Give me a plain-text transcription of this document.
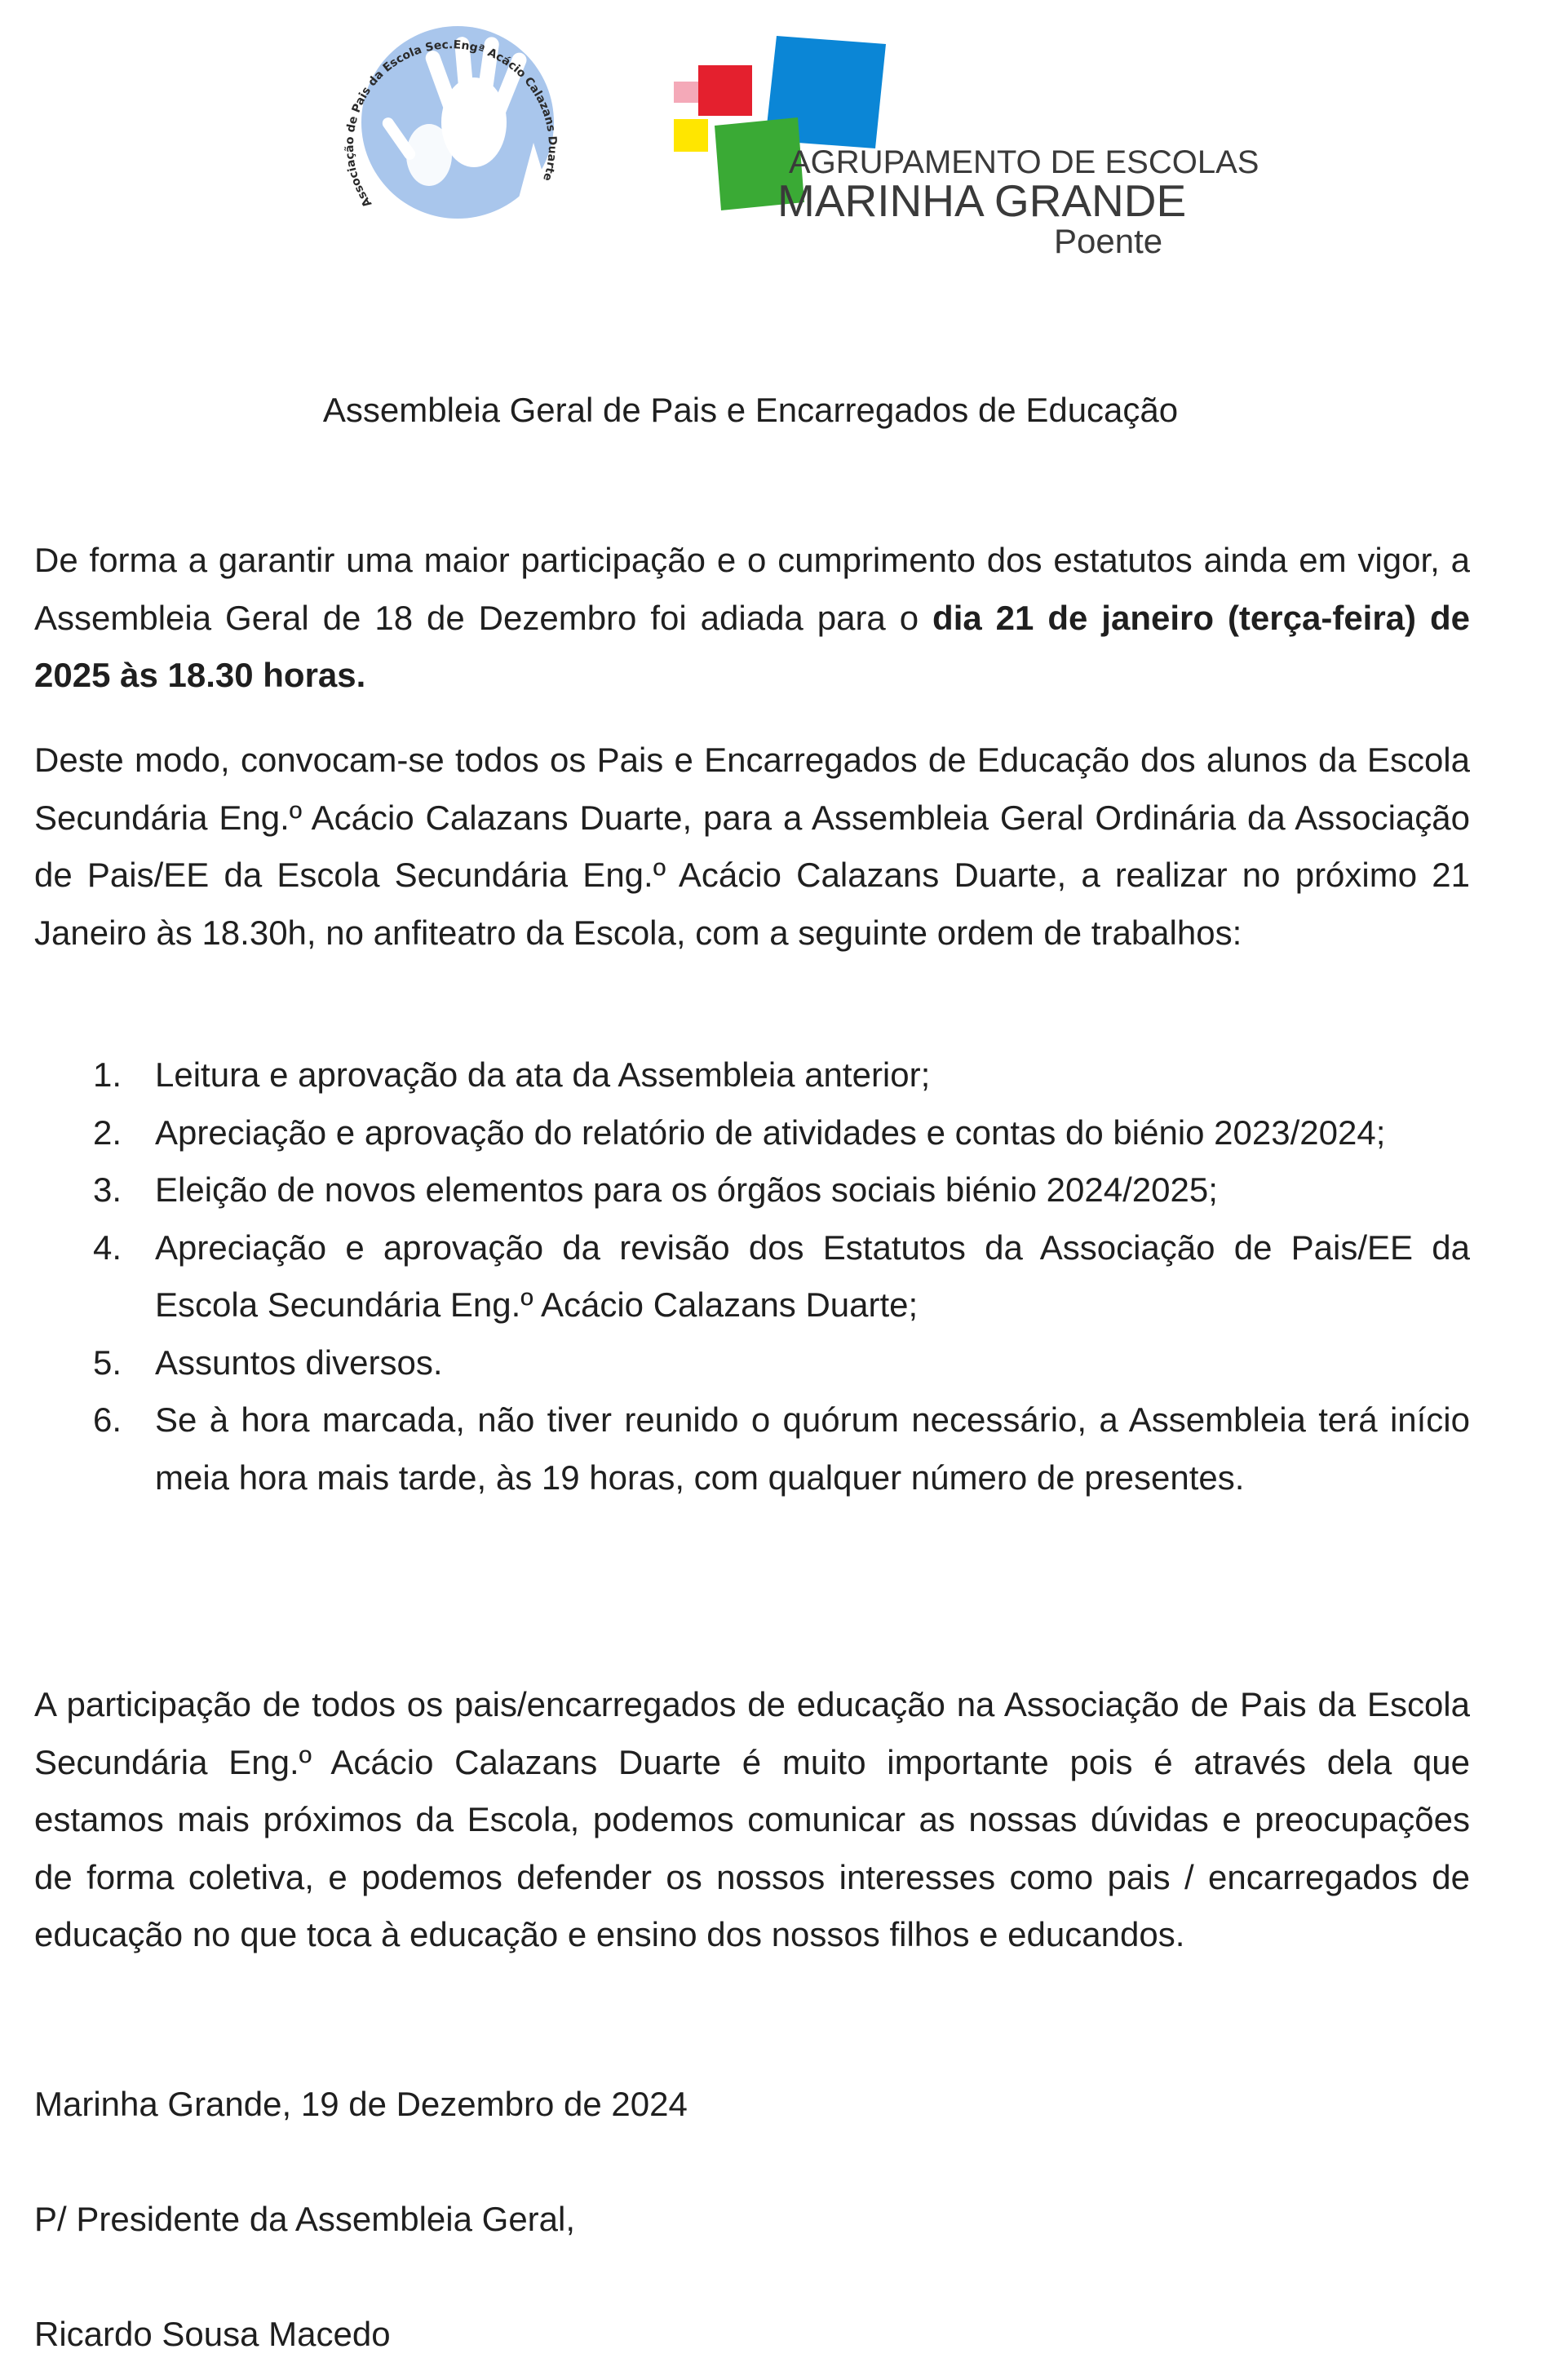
Associação de Pais da Escola Sec.Engª Acácio Calazans Duarte	AGRUPAMENTO DE ESCOLAS
MARINHA GRANDE
Poente
Assembleia Geral de Pais e Encarregados de Educação

De forma a garantir uma maior participação e o cumprimento dos estatutos ainda em vigor, a Assembleia Geral de 18 de Dezembro foi adiada para o dia 21 de janeiro (terça-feira) de 2025 às 18.30 horas.

Deste modo, convocam-se todos os Pais e Encarregados de Educação dos alunos da Escola Secundária Eng.º Acácio Calazans Duarte, para a Assembleia Geral Ordinária da Associação de Pais/EE da Escola Secundária Eng.º Acácio Calazans Duarte, a realizar no próximo 21 Janeiro às 18.30h, no anfiteatro da Escola, com a seguinte ordem de trabalhos:

1. Leitura e aprovação da ata da Assembleia anterior;
2. Apreciação e aprovação do relatório de atividades e contas do biénio 2023/2024;
3. Eleição de novos elementos para os órgãos sociais biénio 2024/2025;
4. Apreciação e aprovação da revisão dos Estatutos da Associação de Pais/EE da Escola Secundária Eng.º Acácio Calazans Duarte;
5. Assuntos diversos.
6. Se à hora marcada, não tiver reunido o quórum necessário, a Assembleia terá início meia hora mais tarde, às 19 horas, com qualquer número de presentes.

A participação de todos os pais/encarregados de educação na Associação de Pais da Escola Secundária Eng.º Acácio Calazans Duarte é muito importante pois é através dela que estamos mais próximos da Escola, podemos comunicar as nossas dúvidas e preocupações de forma coletiva, e podemos defender os nossos interesses como pais / encarregados de educação no que toca à educação e ensino dos nossos filhos e educandos.

Marinha Grande, 19 de Dezembro de 2024

P/ Presidente da Assembleia Geral,

Ricardo Sousa Macedo
